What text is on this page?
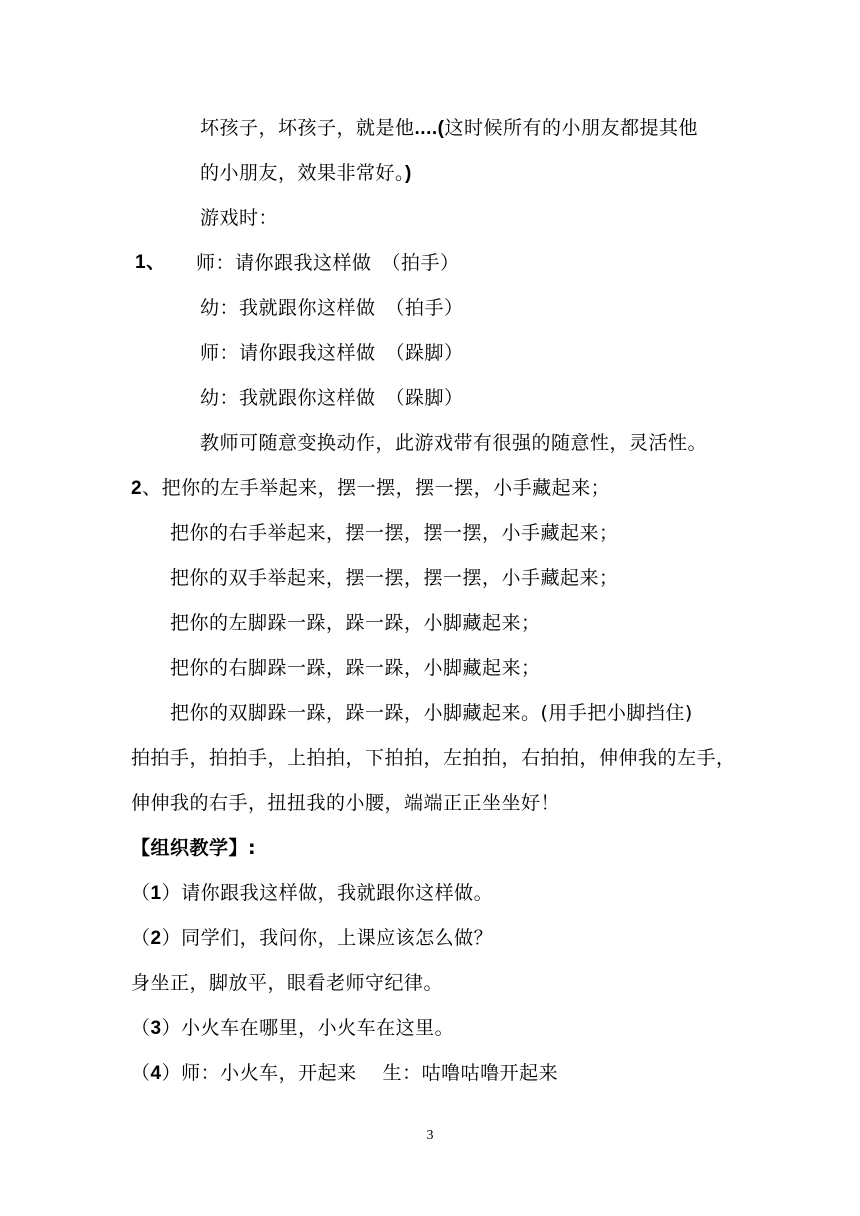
坏孩子，坏孩子，就是他....(这时候所有的小朋友都提其他
的小朋友，效果非常好。)
游戏时：
1、 师：请你跟我这样做　（拍手）
幼：我就跟你这样做　（拍手）
师：请你跟我这样做　（跺脚）
幼：我就跟你这样做　（跺脚）
教师可随意变换动作，此游戏带有很强的随意性，灵活性。
2、把你的左手举起来，摆一摆，摆一摆，小手藏起来；
把你的右手举起来，摆一摆，摆一摆，小手藏起来；
把你的双手举起来，摆一摆，摆一摆，小手藏起来；
把你的左脚跺一跺，跺一跺，小脚藏起来；
把你的右脚跺一跺，跺一跺，小脚藏起来；
把你的双脚跺一跺，跺一跺，小脚藏起来。(用手把小脚挡住)
拍拍手，拍拍手，上拍拍，下拍拍，左拍拍，右拍拍，伸伸我的左手，
伸伸我的右手，扭扭我的小腰，端端正正坐坐好！
【组织教学】:
（1）请你跟我这样做，我就跟你这样做。
（2）同学们，我问你，上课应该怎么做？
身坐正，脚放平，眼看老师守纪律。
（3）小火车在哪里，小火车在这里。
（4）师：小火车，开起来　 生：咕噜咕噜开起来
3
